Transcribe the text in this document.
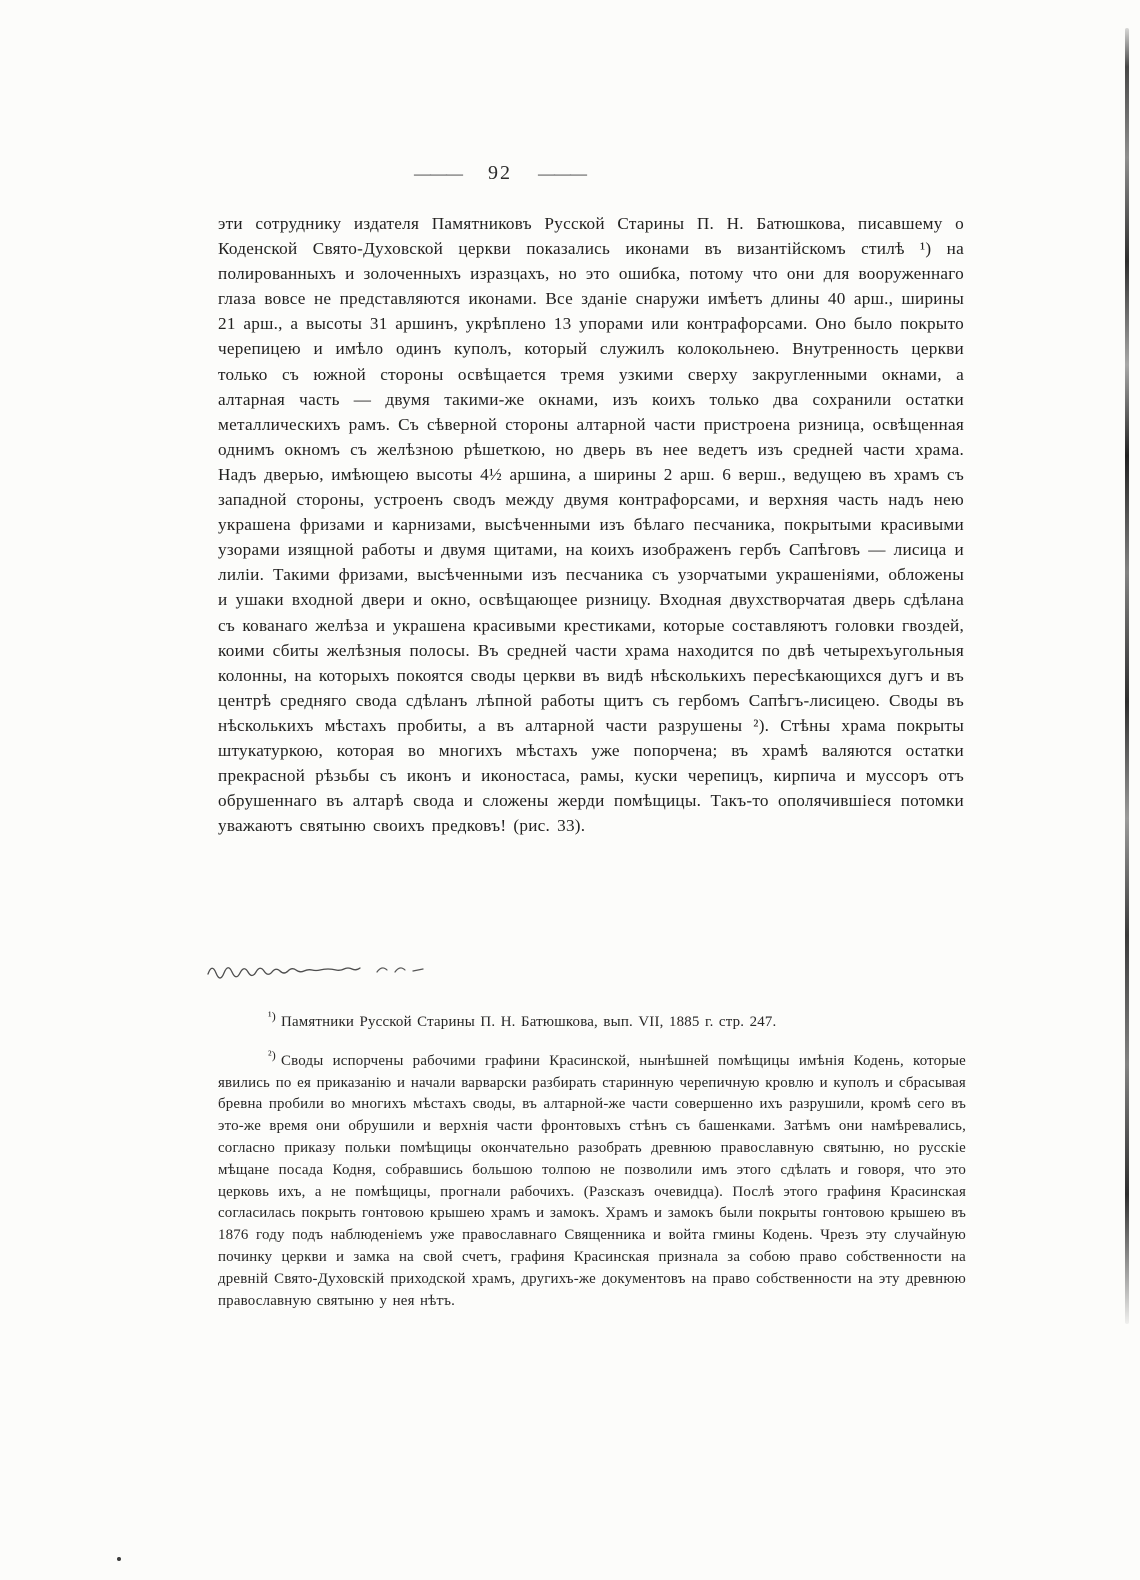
——— 92 ———
эти сотруднику издателя Памятниковъ Русской Старины П. Н. Батюшкова, писавшему о Коденской Свято-Духовской церкви показались иконами въ византійскомъ стилѣ ¹) на полированныхъ и золоченныхъ изразцахъ, но это ошибка, потому что они для вооруженнаго глаза вовсе не представляются иконами. Все зданіе снаружи имѣетъ длины 40 арш., ширины 21 арш., а высоты 31 аршинъ, укрѣплено 13 упорами или контрафорсами. Оно было покрыто черепицею и имѣло одинъ куполъ, который служилъ колокольнею. Внутренность церкви только съ южной стороны освѣщается тремя узкими сверху закругленными окнами, а алтарная часть — двумя такими-же окнами, изъ коихъ только два сохранили остатки металлическихъ рамъ. Съ сѣверной стороны алтарной части пристроена ризница, освѣщенная однимъ окномъ съ желѣзною рѣшеткою, но дверь въ нее ведетъ изъ средней части храма. Надъ дверью, имѣющею высоты 4½ аршина, а ширины 2 арш. 6 верш., ведущею въ храмъ съ западной стороны, устроенъ сводъ между двумя контрафорсами, и верхняя часть надъ нею украшена фризами и карнизами, высѣченными изъ бѣлаго песчаника, покрытыми красивыми узорами изящной работы и двумя щитами, на коихъ изображенъ гербъ Сапѣговъ — лисица и лиліи. Такими фризами, высѣченными изъ песчаника съ узорчатыми украшеніями, обложены и ушаки входной двери и окно, освѣщающее ризницу. Входная двухстворчатая дверь сдѣлана съ кованаго желѣза и украшена красивыми крестиками, которые составляютъ головки гвоздей, коими сбиты желѣзныя полосы. Въ средней части храма находится по двѣ четырехъугольныя колонны, на которыхъ покоятся своды церкви въ видѣ нѣсколькихъ пересѣкающихся дугъ и въ центрѣ средняго свода сдѣланъ лѣпной работы щитъ съ гербомъ Сапѣгъ-лисицею. Своды въ нѣсколькихъ мѣстахъ пробиты, а въ алтарной части разрушены ²). Стѣны храма покрыты штукатуркою, которая во многихъ мѣстахъ уже попорчена; въ храмѣ валяются остатки прекрасной рѣзьбы съ иконъ и иконостаса, рамы, куски черепицъ, кирпича и муссоръ отъ обрушеннаго въ алтарѣ свода и сложены жерди помѣщицы. Такъ-то ополячившіеся потомки уважаютъ святыню своихъ предковъ! (рис. 33).

$^{^1)}$ Памятники Русской Старины П. Н. Батюшкова, вып. VII, 1885 г. стр. 247.

$^{^2)}$ Своды испорчены рабочими графини Красинской, нынѣшней помѣщицы имѣнія Кодень, которые явились по ея приказанію и начали варварски разбирать старинную черепичную кровлю и куполъ и сбрасывая бревна пробили во многихъ мѣстахъ своды, въ алтарной-же части совершенно ихъ разрушили, кромѣ сего въ это-же время они обрушили и верхнія части фронтовыхъ стѣнъ съ башенками. Затѣмъ они намѣревались, согласно приказу польки помѣщицы окончательно разобрать древнюю православную святыню, но русскіе мѣщане посада Кодня, собравшись большою толпою не позволили имъ этого сдѣлать и говоря, что это церковь ихъ, а не помѣщицы, прогнали рабочихъ. (Разсказъ очевидца). Послѣ этого графиня Красинская согласилась покрыть гонтовою крышею храмъ и замокъ. Храмъ и замокъ были покрыты гонтовою крышею въ 1876 году подъ наблюденіемъ уже православнаго Священника и войта гмины Кодень. Чрезъ эту случайную починку церкви и замка на свой счетъ, графиня Красинская признала за собою право собственности на древній Свято-Духовскій приходской храмъ, другихъ-же документовъ на право собственности на эту древнюю православную святыню у нея нѣтъ.
